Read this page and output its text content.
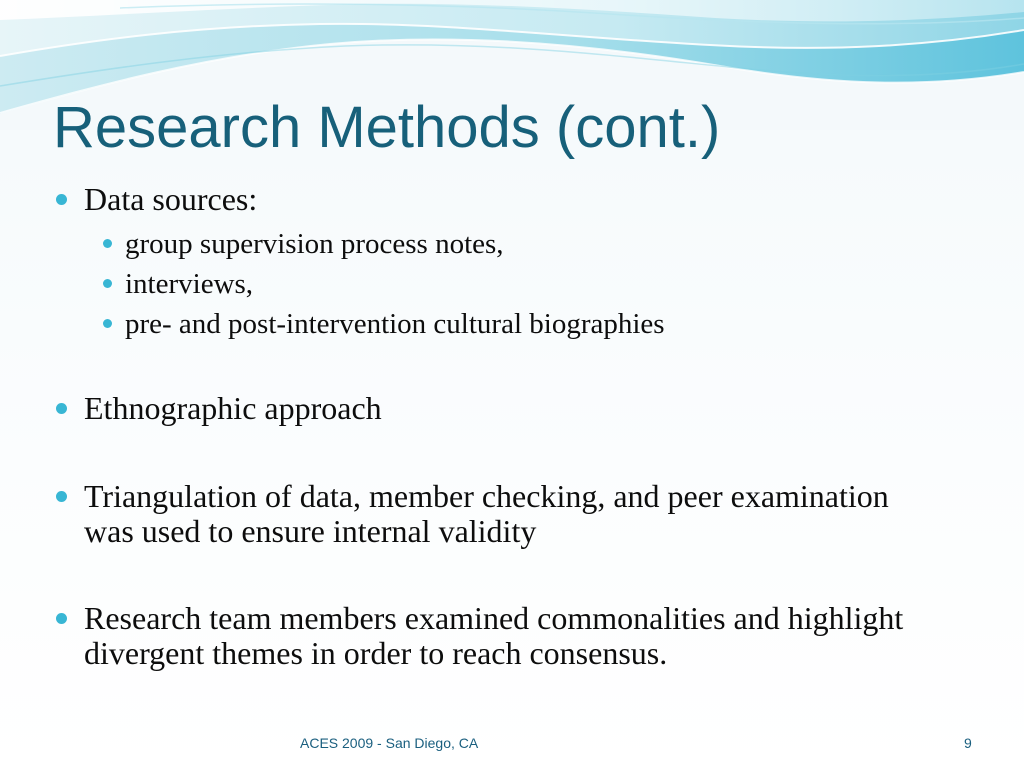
Research Methods (cont.)
Data sources:
group supervision process notes,
interviews,
pre- and post-intervention cultural biographies
Ethnographic approach
Triangulation of data, member checking, and peer examination was used to ensure internal validity
Research team members examined commonalities and highlight divergent themes in order to reach consensus.
ACES 2009 - San Diego, CA	9
